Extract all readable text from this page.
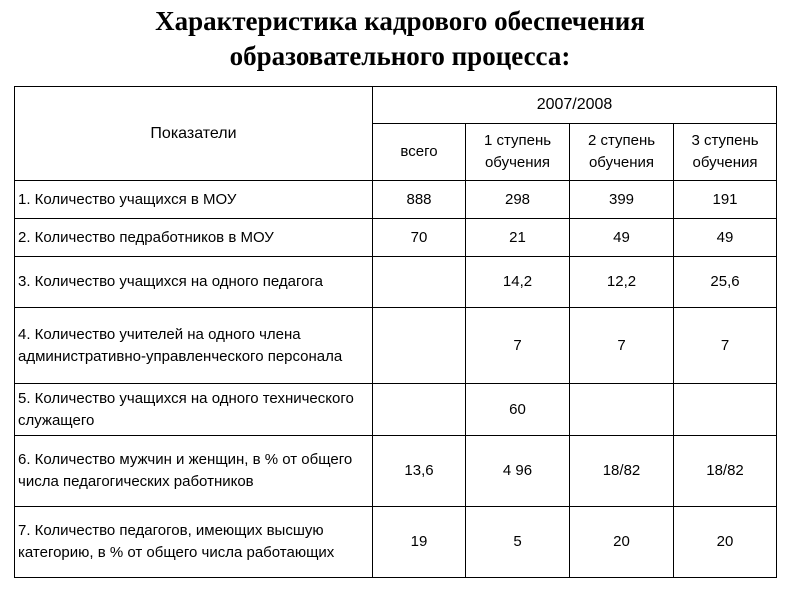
Характеристика кадрового обеспечения
образовательного процесса:
Показатели	2007/2008			
	всего	1 ступень обучения	2 ступень обучения	3 ступень обучения
1. Количество учащихся в МОУ	888	298	399	191
2. Количество педработников в МОУ	70	21	49	49
3. Количество учащихся на одного педагога		14,2	12,2	25,6
4. Количество учителей на одного члена административно-управленческого персонала		7	7	7
5. Количество учащихся на одного технического служащего		60		
6. Количество мужчин и женщин, в % от общего числа педагогических работников	13,6	4 96	18/82	18/82
7. Количество педагогов, имеющих высшую категорию, в % от общего числа работающих	19	5	20	20
